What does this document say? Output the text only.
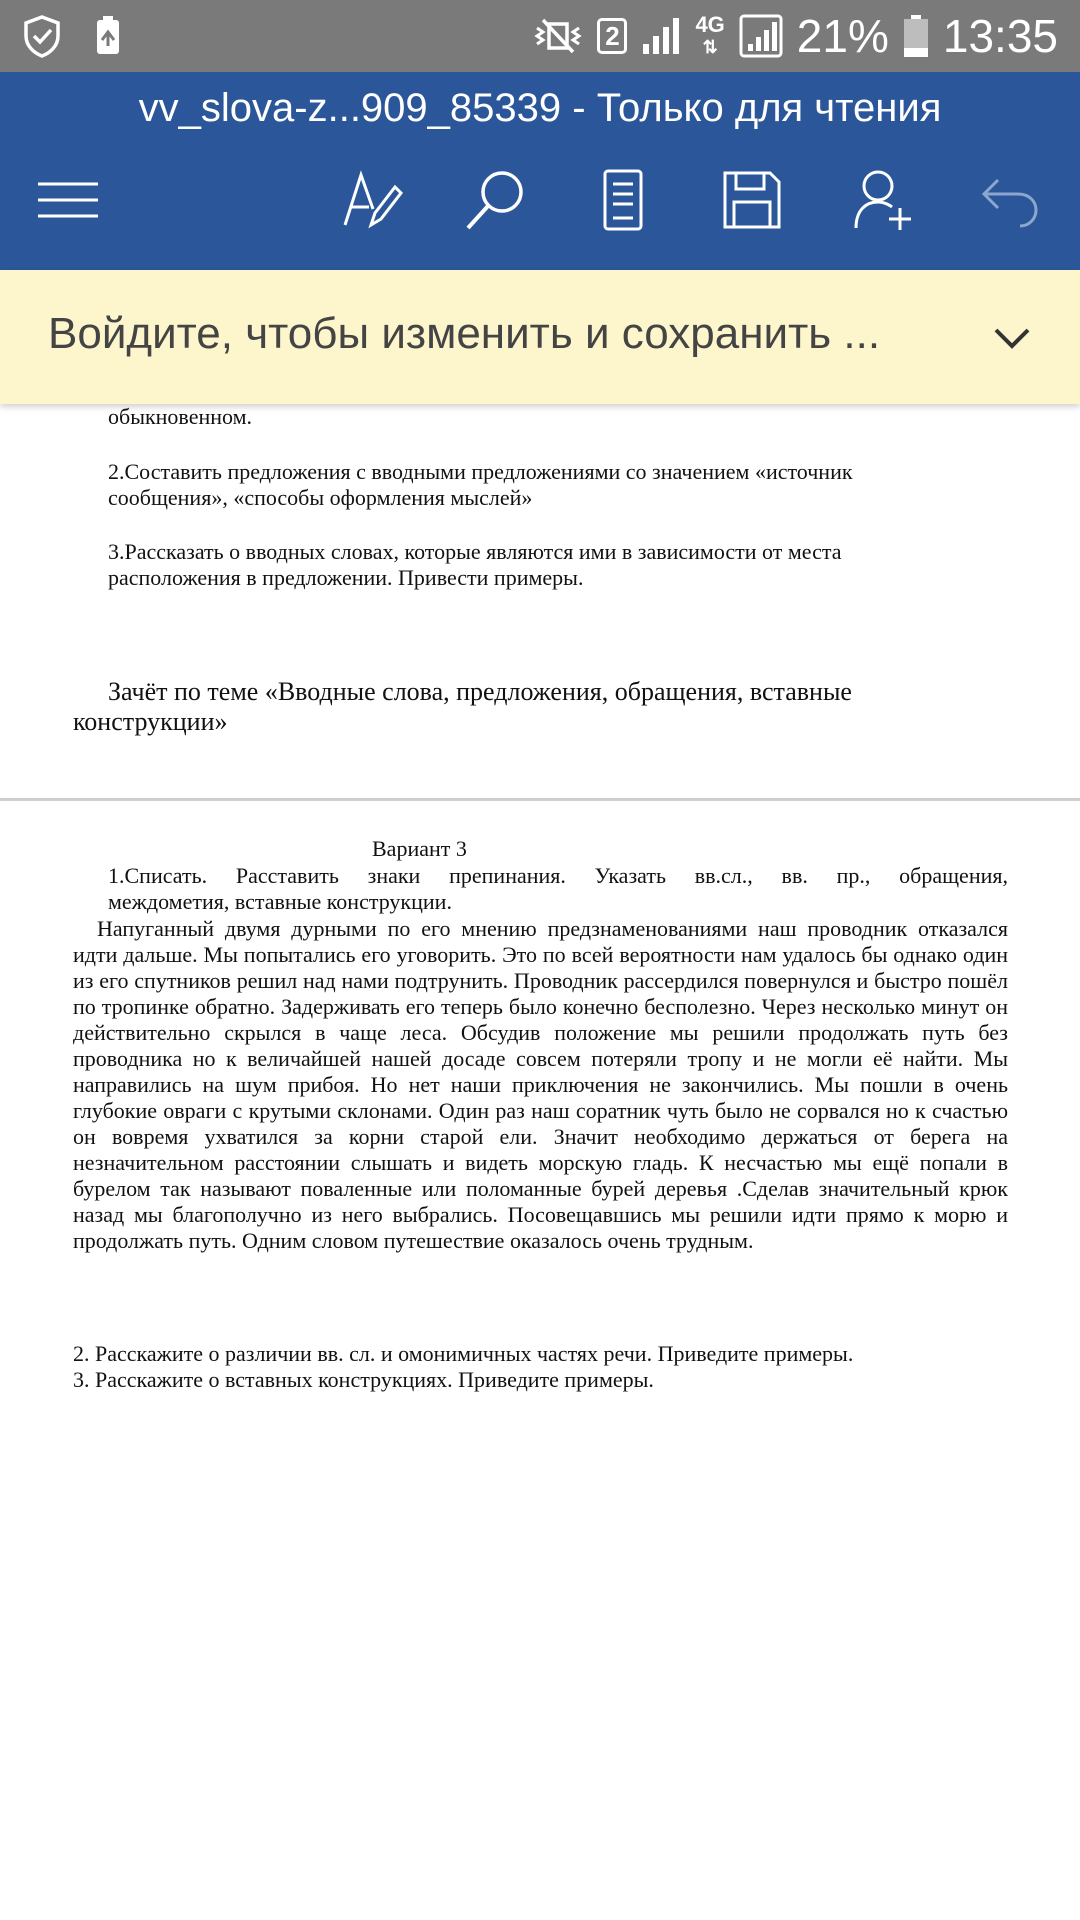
2	4G
⇅ 21% 13:35
vv_slova-z...909_85339 - Только для чтения
Войдите, чтобы изменить и сохранить ...
обыкновенном.
2.Составить предложения с вводными предложениями со значением «источник сообщения», «способы оформления мыслей»
3.Рассказать о вводных словах, которые являются ими в зависимости от места расположения в предложении. Привести примеры.
Зачёт по теме «Вводные слова, предложения, обращения, вставные
конструкции»
Вариант 3
1.Списать. Расставить знаки препинания. Указать вв.сл., вв. пр., обращения,
междометия, вставные конструкции.
Напуганный двумя дурными по его мнению предзнаменованиями наш проводник отказался идти дальше. Мы попытались его уговорить. Это по всей вероятности нам удалось бы однако один из его спутников решил над нами подтрунить. Проводник рассердился повернулся и быстро пошёл по тропинке обратно. Задерживать его теперь было конечно бесполезно. Через несколько минут он действительно скрылся в чаще леса. Обсудив положение мы решили продолжать путь без проводника но к величайшей нашей досаде совсем потеряли тропу и не могли её найти. Мы направились на шум прибоя. Но нет наши приключения не закончились. Мы пошли в очень глубокие овраги с крутыми склонами. Один раз наш соратник чуть было не сорвался но к счастью он вовремя ухватился за корни старой ели. Значит необходимо держаться от берега на незначительном расстоянии слышать и видеть морскую гладь. К несчастью мы ещё попали в бурелом так называют поваленные или поломанные бурей деревья .Сделав значительный крюк назад мы благополучно из него выбрались. Посовещавшись мы решили идти прямо к морю и продолжать путь. Одним словом путешествие оказалось очень трудным.
2. Расскажите о различии вв. сл. и омонимичных частях речи. Приведите примеры.
3. Расскажите о вставных конструкциях. Приведите примеры.
